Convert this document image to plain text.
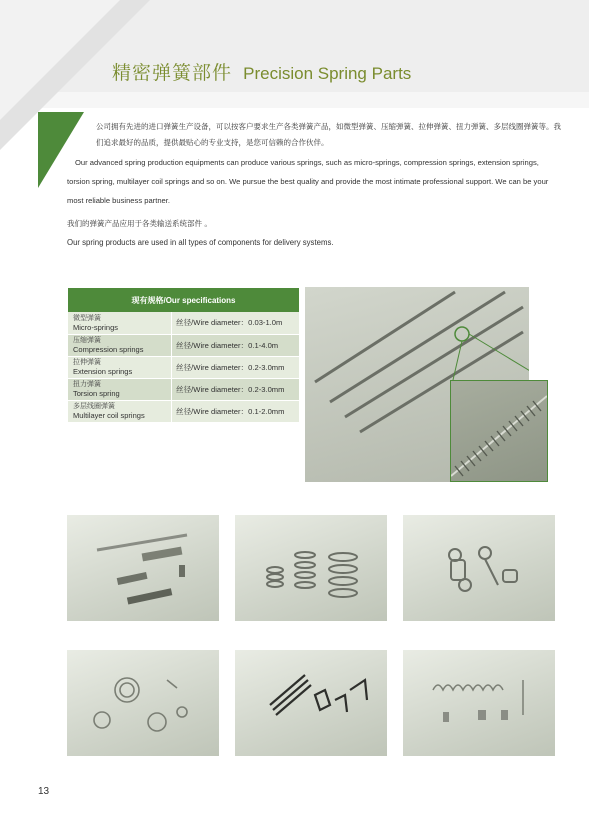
精密弹簧部件 Precision Spring Parts
公司拥有先进的进口弹簧生产设备，可以按客户要求生产各类弹簧产品，如微型弹簧、压缩弹簧、拉伸弹簧、扭力弹簧、多层线圈弹簧等。我们追求最好的品质，提供最贴心的专业支持，是您可信赖的合作伙伴。
Our advanced spring production equipments can produce various springs, such as micro-springs, compression springs, extension springs, torsion spring, multilayer coil springs and so on. We pursue the best quality and provide the most intimate professional support. We can be your most reliable business partner.
我们的弹簧产品应用于各类输送系统部件 。
Our spring products are used in all types of components for delivery systems.
现有规格/Our specifications	

微型弹簧
Micro-springs	丝径/Wire diameter：0.03-1.0m

压缩弹簧
Compression springs	丝径/Wire diameter：0.1-4.0m

拉伸弹簧
Extension springs	丝径/Wire diameter：0.2-3.0mm

扭力弹簧
Torsion spring	丝径/Wire diameter：0.2-3.0mm

多层线圈弹簧
Multilayer coil springs	丝径/Wire diameter：0.1-2.0mm
13
